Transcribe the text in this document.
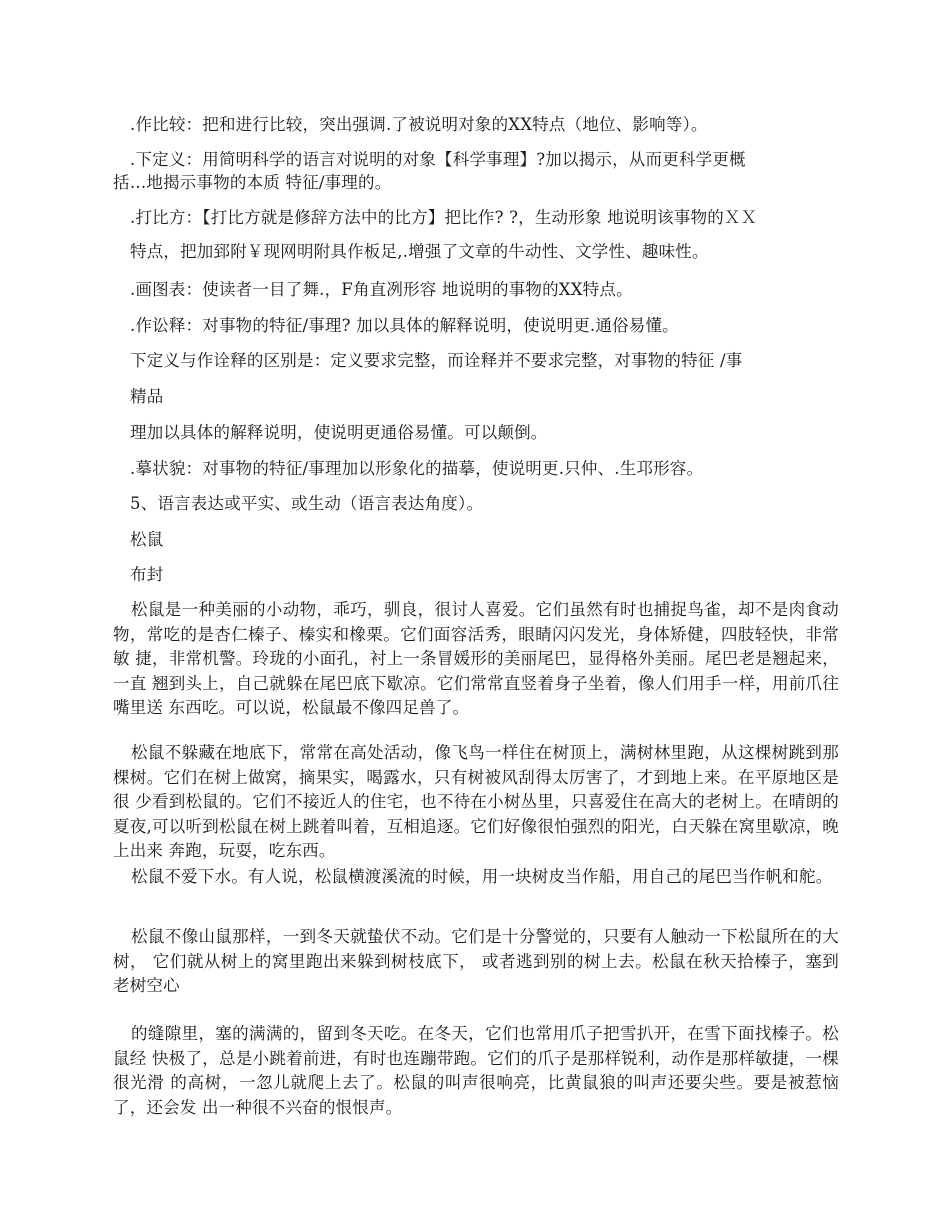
.作比较：把和进行比较，突出强调.了被说明对象的XX特点（地位、影响等）。
.下定义：用简明科学的语言对说明的对象【科学事理】?加以揭示，从而更科学更概
括…地揭示事物的本质 特征/事理的。
.打比方：【打比方就是修辞方法中的比方】把比作? ?，生动形象 地说明该事物的ＸＸ
特点，把加郅附￥现网明附具作板足,.增强了文章的牛动性、文学性、趣味性。
.画图表：使读者一目了舞.，F角直冽形容 地说明的事物的XX特点。
.作讼释：对事物的特征/事理? 加以具体的解释说明，使说明更.通俗易懂。
下定义与作诠释的区别是：定义要求完整，而诠释并不要求完整，对事物的特征 /事
精品
理加以具体的解释说明，使说明更通俗易懂。可以颠倒。
.摹状貌：对事物的特征/事理加以形象化的描摹，使说明更.只仲、.生邛形容。
5、语言表达或平实、或生动（语言表达角度）。
松鼠
布封
松鼠是一种美丽的小动物，乖巧，驯良，很讨人喜爱。它们虽然有时也捕捉鸟雀，却不是肉食动 物，常吃的是杏仁榛子、榛实和橡栗。它们面容活秀，眼睛闪闪发光，身体矫健，四肢轻快，非常敏 捷，非常机警。玲珑的小面孔，衬上一条冒媛形的美丽尾巴，显得格外美丽。尾巴老是翘起来，一直 翘到头上，自己就躲在尾巴底下歇凉。它们常常直竖着身子坐着，像人们用手一样，用前爪往嘴里送 东西吃。可以说，松鼠最不像四足兽了。
松鼠不躲藏在地底下，常常在高处活动，像飞鸟一样住在树顶上，满树林里跑，从这棵树跳到那 棵树。它们在树上做窝，摘果实，喝露水，只有树被风刮得太厉害了，才到地上来。在平原地区是很 少看到松鼠的。它们不接近人的住宅，也不待在小树丛里，只喜爱住在高大的老树上。在晴朗的夏夜,可以听到松鼠在树上跳着叫着，互相追逐。它们好像很怕强烈的阳光，白天躲在窝里歇凉，晚上出来 奔跑，玩耍，吃东西。
松鼠不爱下水。有人说，松鼠横渡溪流的时候，用一块树皮当作船，用自己的尾巴当作帆和舵。
松鼠不像山鼠那样，一到冬天就蛰伏不动。它们是十分警觉的，只要有人触动一下松鼠所在的大树， 它们就从树上的窝里跑出来躲到树枝底下， 或者逃到别的树上去。松鼠在秋天拾榛子，塞到老树空心
的缝隙里，塞的满满的，留到冬天吃。在冬天，它们也常用爪子把雪扒开，在雪下面找榛子。松鼠经 快极了，总是小跳着前进，有时也连蹦带跑。它们的爪子是那样锐利，动作是那样敏捷，一棵很光滑 的高树，一忽儿就爬上去了。松鼠的叫声很响亮，比黄鼠狼的叫声还要尖些。要是被惹恼了，还会发 出一种很不兴奋的恨恨声。
